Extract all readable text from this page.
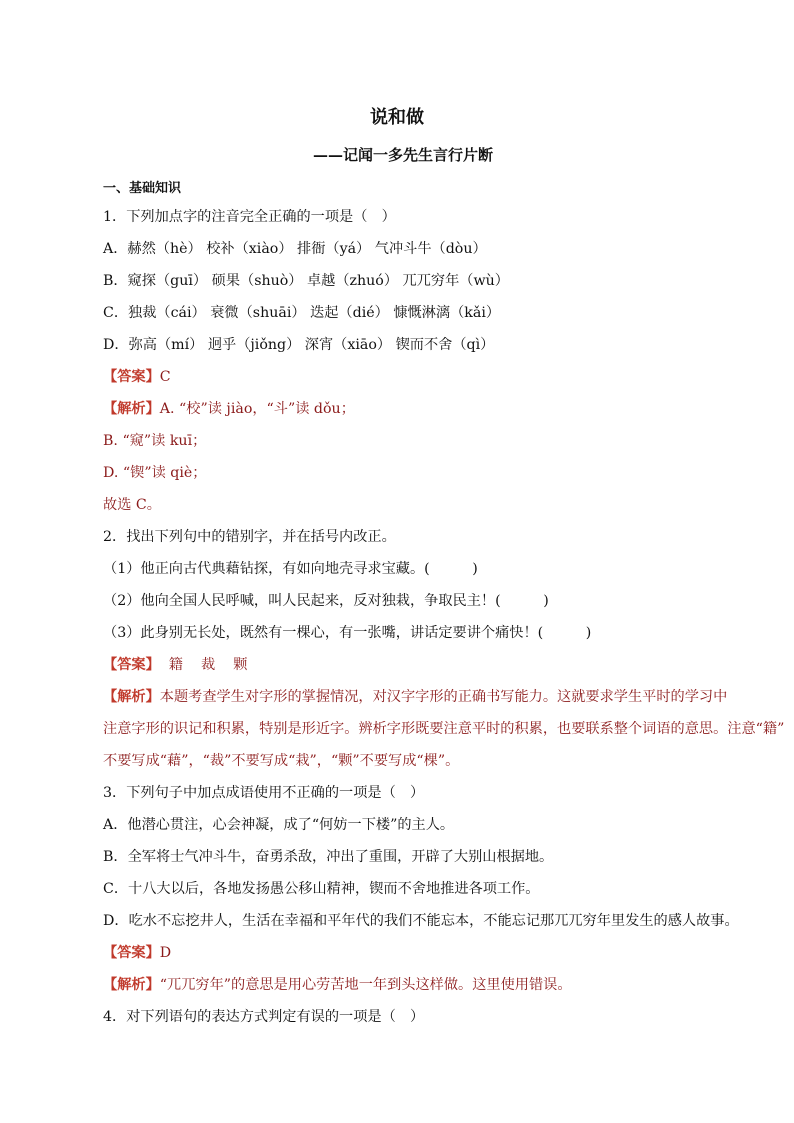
说和做
——记闻一多先生言行片断
一、基础知识
1．下列加点字的注音完全正确的一项是（　）
A．赫然（hè） 校补（xiào） 排衙（yá） 气冲斗牛（dòu）
B．窥探（guī） 硕果（shuò） 卓越（zhuó） 兀兀穷年（wù）
C．独裁（cái） 衰微（shuāi） 迭起（dié） 慷慨淋漓（kǎi）
D．弥高（mí） 迥乎（jiǒng） 深宵（xiāo） 锲而不舍（qì）
【答案】C
【解析】A. “校”读 jiào，“斗”读 dǒu；
B. “窥”读 kuī；
D. “锲”读 qiè；
故选 C。
2．找出下列句中的错别字，并在括号内改正。
（1）他正向古代典藉钻探，有如向地壳寻求宝藏。(　　　)
（2）他向全国人民呼喊，叫人民起来，反对独栽，争取民主！(　　　)
（3）此身别无长处，既然有一棵心，有一张嘴，讲话定要讲个痛快！(　　　)
【答案】  籍    裁    颗
【解析】本题考查学生对字形的掌握情况，对汉字字形的正确书写能力。这就要求学生平时的学习中
注意字形的识记和积累，特别是形近字。辨析字形既要注意平时的积累，也要联系整个词语的意思。注意“籍”
不要写成“藉”，“裁”不要写成“栽”，“颗”不要写成“棵”。
3．下列句子中加点成语使用不正确的一项是（　）
A．他潜心贯注，心会神凝，成了“何妨一下楼”的主人。
B．全军将士气冲斗牛，奋勇杀敌，冲出了重围，开辟了大别山根据地。
C．十八大以后，各地发扬愚公移山精神，锲而不舍地推进各项工作。
D．吃水不忘挖井人，生活在幸福和平年代的我们不能忘本，不能忘记那兀兀穷年里发生的感人故事。
【答案】D
【解析】“兀兀穷年”的意思是用心劳苦地一年到头这样做。这里使用错误。
4．对下列语句的表达方式判定有误的一项是（　）
